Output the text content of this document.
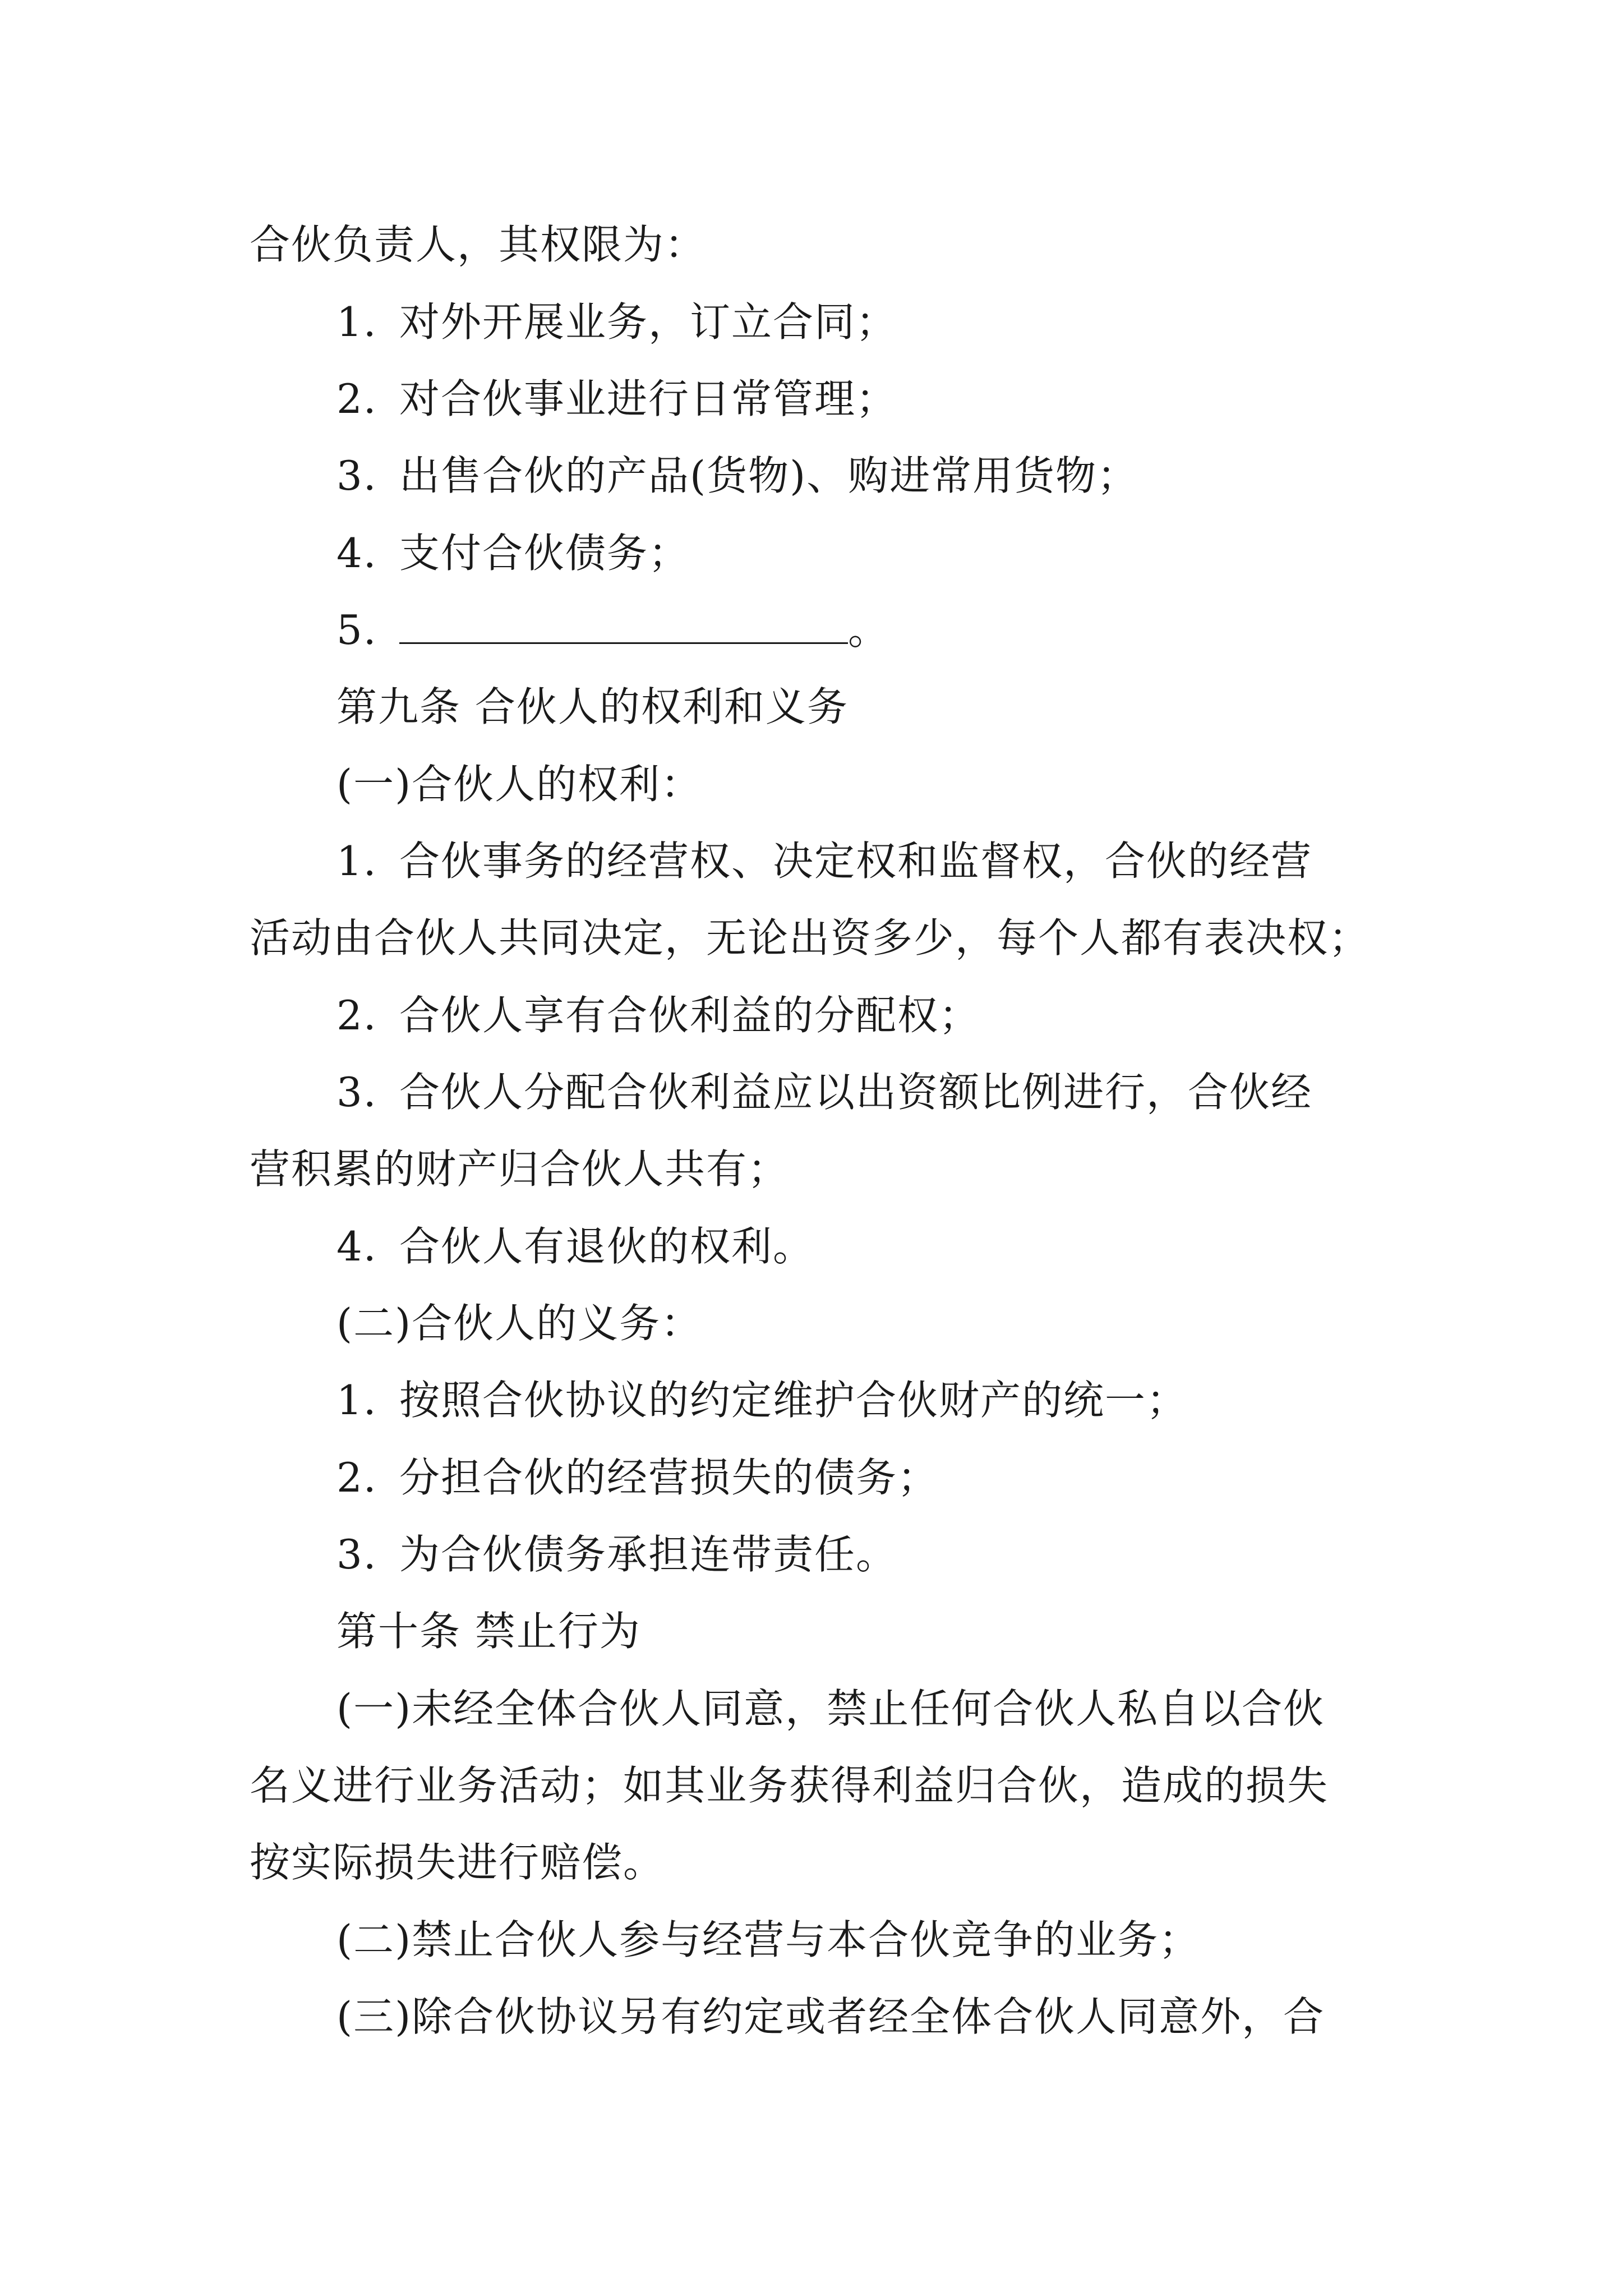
合伙负责人，其权限为：
1. 对外开展业务，订立合同；
2. 对合伙事业进行日常管理；
3. 出售合伙的产品(货物)、购进常用货物；
4. 支付合伙债务；
5.	。
第九条 合伙人的权利和义务
(一)合伙人的权利：
1. 合伙事务的经营权、决定权和监督权，合伙的经营
活动由合伙人共同决定，无论出资多少，每个人都有表决权；
2. 合伙人享有合伙利益的分配权；
3. 合伙人分配合伙利益应以出资额比例进行，合伙经
营积累的财产归合伙人共有；
4. 合伙人有退伙的权利。
(二)合伙人的义务：
1. 按照合伙协议的约定维护合伙财产的统一；
2. 分担合伙的经营损失的债务；
3. 为合伙债务承担连带责任。
第十条 禁止行为
(一)未经全体合伙人同意，禁止任何合伙人私自以合伙
名义进行业务活动；如其业务获得利益归合伙，造成的损失
按实际损失进行赔偿。
(二)禁止合伙人参与经营与本合伙竞争的业务；
(三)除合伙协议另有约定或者经全体合伙人同意外，合
